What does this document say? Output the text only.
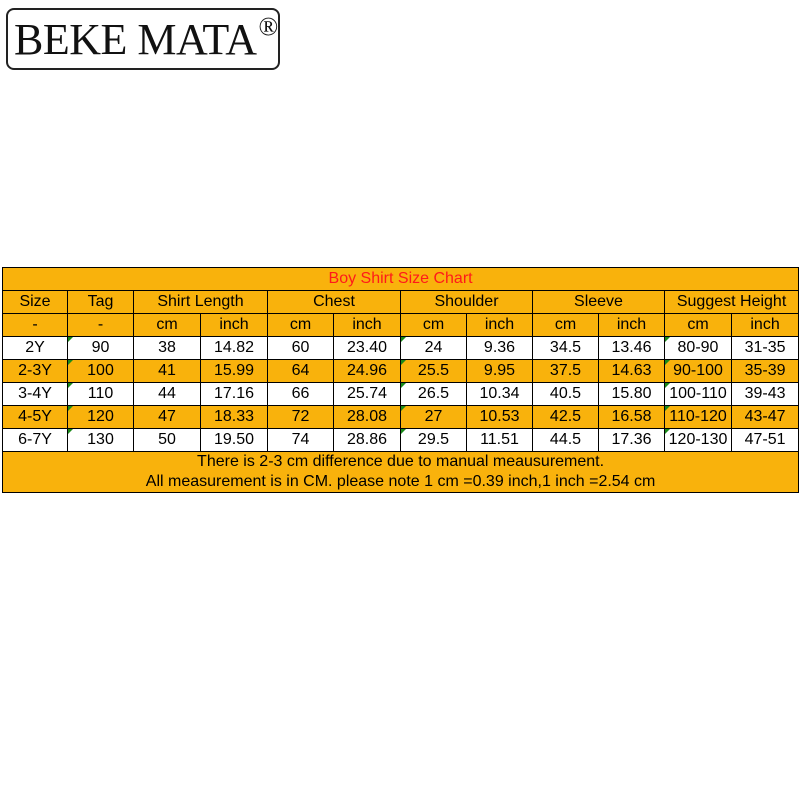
BEKE MATA ®
Boy Shirt Size Chart											
Size	Tag	Shirt Length		Chest		Shoulder		Sleeve		Suggest Height	
-	-	cm	inch	cm	inch	cm	inch	cm	inch	cm	inch
2Y	90	38	14.82	60	23.40	24	9.36	34.5	13.46	80-90	31-35
2-3Y	100	41	15.99	64	24.96	25.5	9.95	37.5	14.63	90-100	35-39
3-4Y	110	44	17.16	66	25.74	26.5	10.34	40.5	15.80	100-110	39-43
4-5Y	120	47	18.33	72	28.08	27	10.53	42.5	16.58	110-120	43-47
6-7Y	130	50	19.50	74	28.86	29.5	11.51	44.5	17.36	120-130	47-51

There is 2-3 cm difference due to manual meausurement.
All measurement is in CM. please note 1 cm =0.39 inch,1 inch =2.54 cm											
